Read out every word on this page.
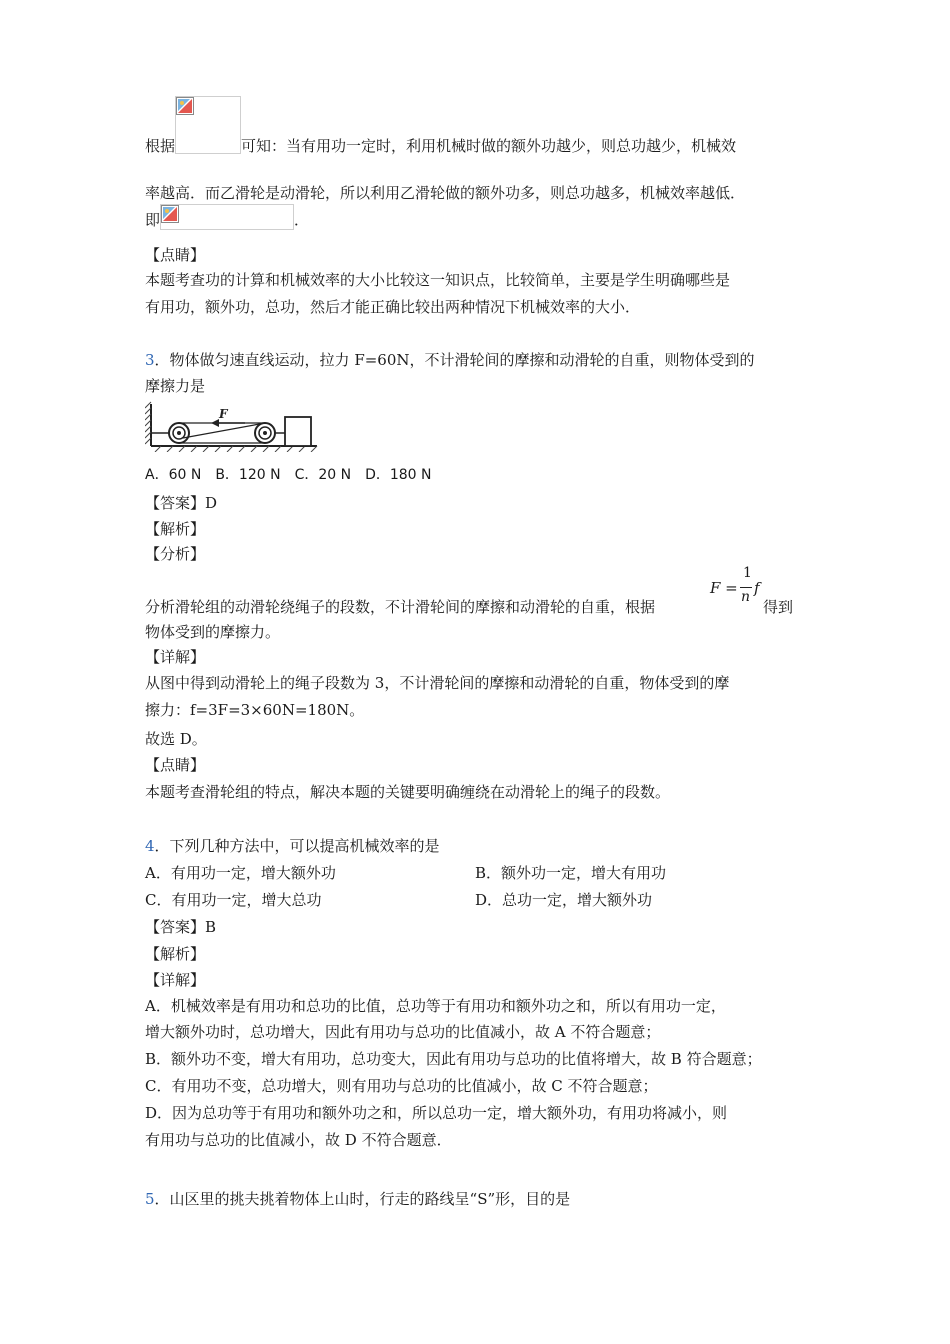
根据	可知：当有用功一定时，利用机械时做的额外功越少，则总功越少，机械效
率越高．而乙滑轮是动滑轮，所以利用乙滑轮做的额外功多，则总功越多，机械效率越低．
即	．
【点睛】
本题考查功的计算和机械效率的大小比较这一知识点，比较简单，主要是学生明确哪些是
有用功，额外功，总功，然后才能正确比较出两种情况下机械效率的大小．
3．物体做匀速直线运动，拉力 F=60N，不计滑轮间的摩擦和动滑轮的自重，则物体受到的
摩擦力是
F
A．60 N　B．120 N　C．20 N　D．180 N
【答案】D
【解析】
【分析】
F =
1
n f
分析滑轮组的动滑轮绕绳子的段数，不计滑轮间的摩擦和动滑轮的自重，根据	得到
物体受到的摩擦力。
【详解】
从图中得到动滑轮上的绳子段数为 3，不计滑轮间的摩擦和动滑轮的自重，物体受到的摩
擦力：f=3F=3×60N=180N。
故选 D。
【点睛】
本题考查滑轮组的特点，解决本题的关键要明确缠绕在动滑轮上的绳子的段数。
4．下列几种方法中，可以提高机械效率的是
A．有用功一定，增大额外功	B．额外功一定，增大有用功
C．有用功一定，增大总功	D．总功一定，增大额外功
【答案】B
【解析】
【详解】
A．机械效率是有用功和总功的比值，总功等于有用功和额外功之和，所以有用功一定，
增大额外功时，总功增大，因此有用功与总功的比值减小，故 A 不符合题意；
B．额外功不变，增大有用功，总功变大，因此有用功与总功的比值将增大，故 B 符合题意；
C．有用功不变，总功增大，则有用功与总功的比值减小，故 C 不符合题意；
D．因为总功等于有用功和额外功之和，所以总功一定，增大额外功，有用功将减小，则
有用功与总功的比值减小，故 D 不符合题意．
5．山区里的挑夫挑着物体上山时，行走的路线呈“S”形，目的是
